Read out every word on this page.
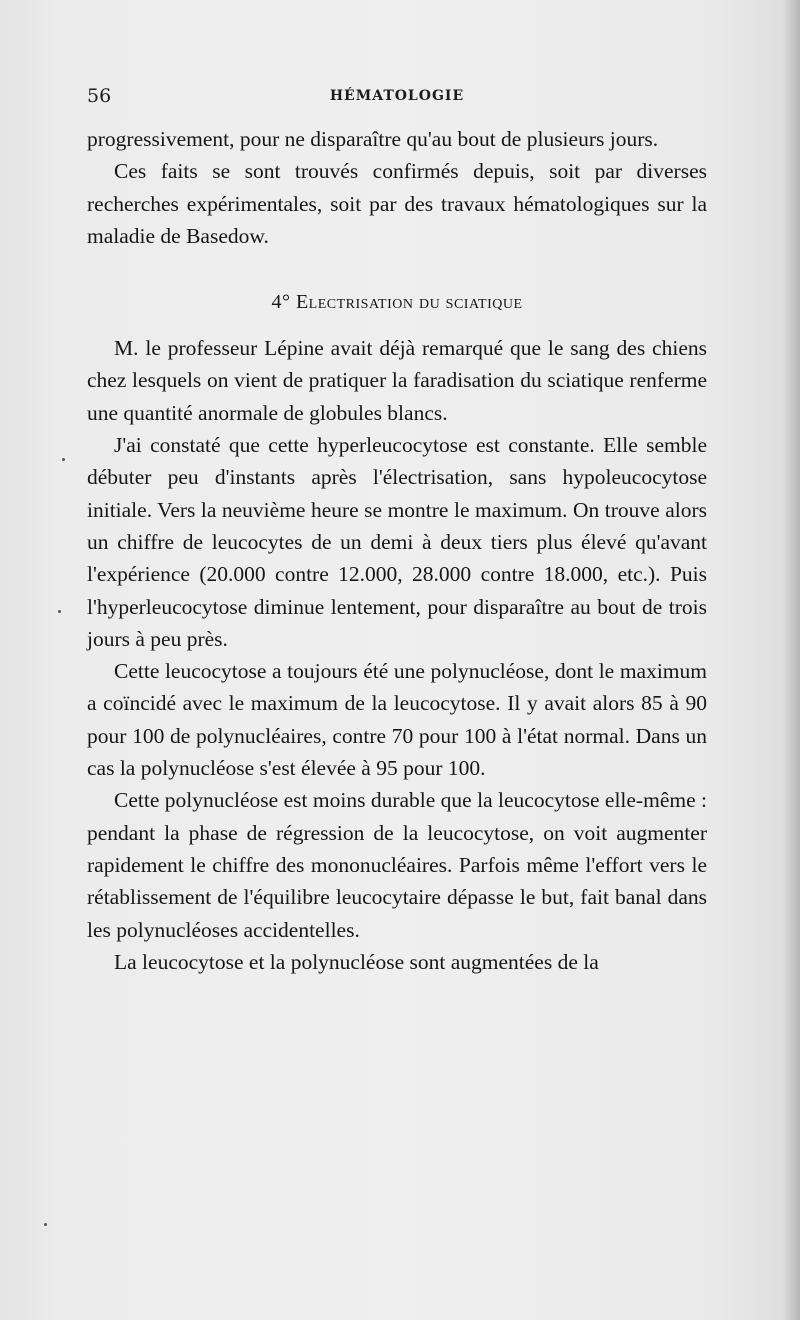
56	HÉMATOLOGIE

progressivement, pour ne disparaître qu'au bout de plusieurs jours.

Ces faits se sont trouvés confirmés depuis, soit par diverses recherches expérimentales, soit par des travaux hématologiques sur la maladie de Basedow.

4° Electrisation du sciatique

M. le professeur Lépine avait déjà remarqué que le sang des chiens chez lesquels on vient de pratiquer la faradisation du sciatique renferme une quantité anormale de globules blancs.

J'ai constaté que cette hyperleucocytose est constante. Elle semble débuter peu d'instants après l'électrisation, sans hypoleucocytose initiale. Vers la neuvième heure se montre le maximum. On trouve alors un chiffre de leucocytes de un demi à deux tiers plus élevé qu'avant l'expérience (20.000 contre 12.000, 28.000 contre 18.000, etc.). Puis l'hyperleucocytose diminue lentement, pour disparaître au bout de trois jours à peu près.

Cette leucocytose a toujours été une polynucléose, dont le maximum a coïncidé avec le maximum de la leucocytose. Il y avait alors 85 à 90 pour 100 de polynucléaires, contre 70 pour 100 à l'état normal. Dans un cas la polynucléose s'est élevée à 95 pour 100.

Cette polynucléose est moins durable que la leucocytose elle-même : pendant la phase de régression de la leucocytose, on voit augmenter rapidement le chiffre des mononucléaires. Parfois même l'effort vers le rétablissement de l'équilibre leucocytaire dépasse le but, fait banal dans les polynucléoses accidentelles.

La leucocytose et la polynucléose sont augmentées de la
